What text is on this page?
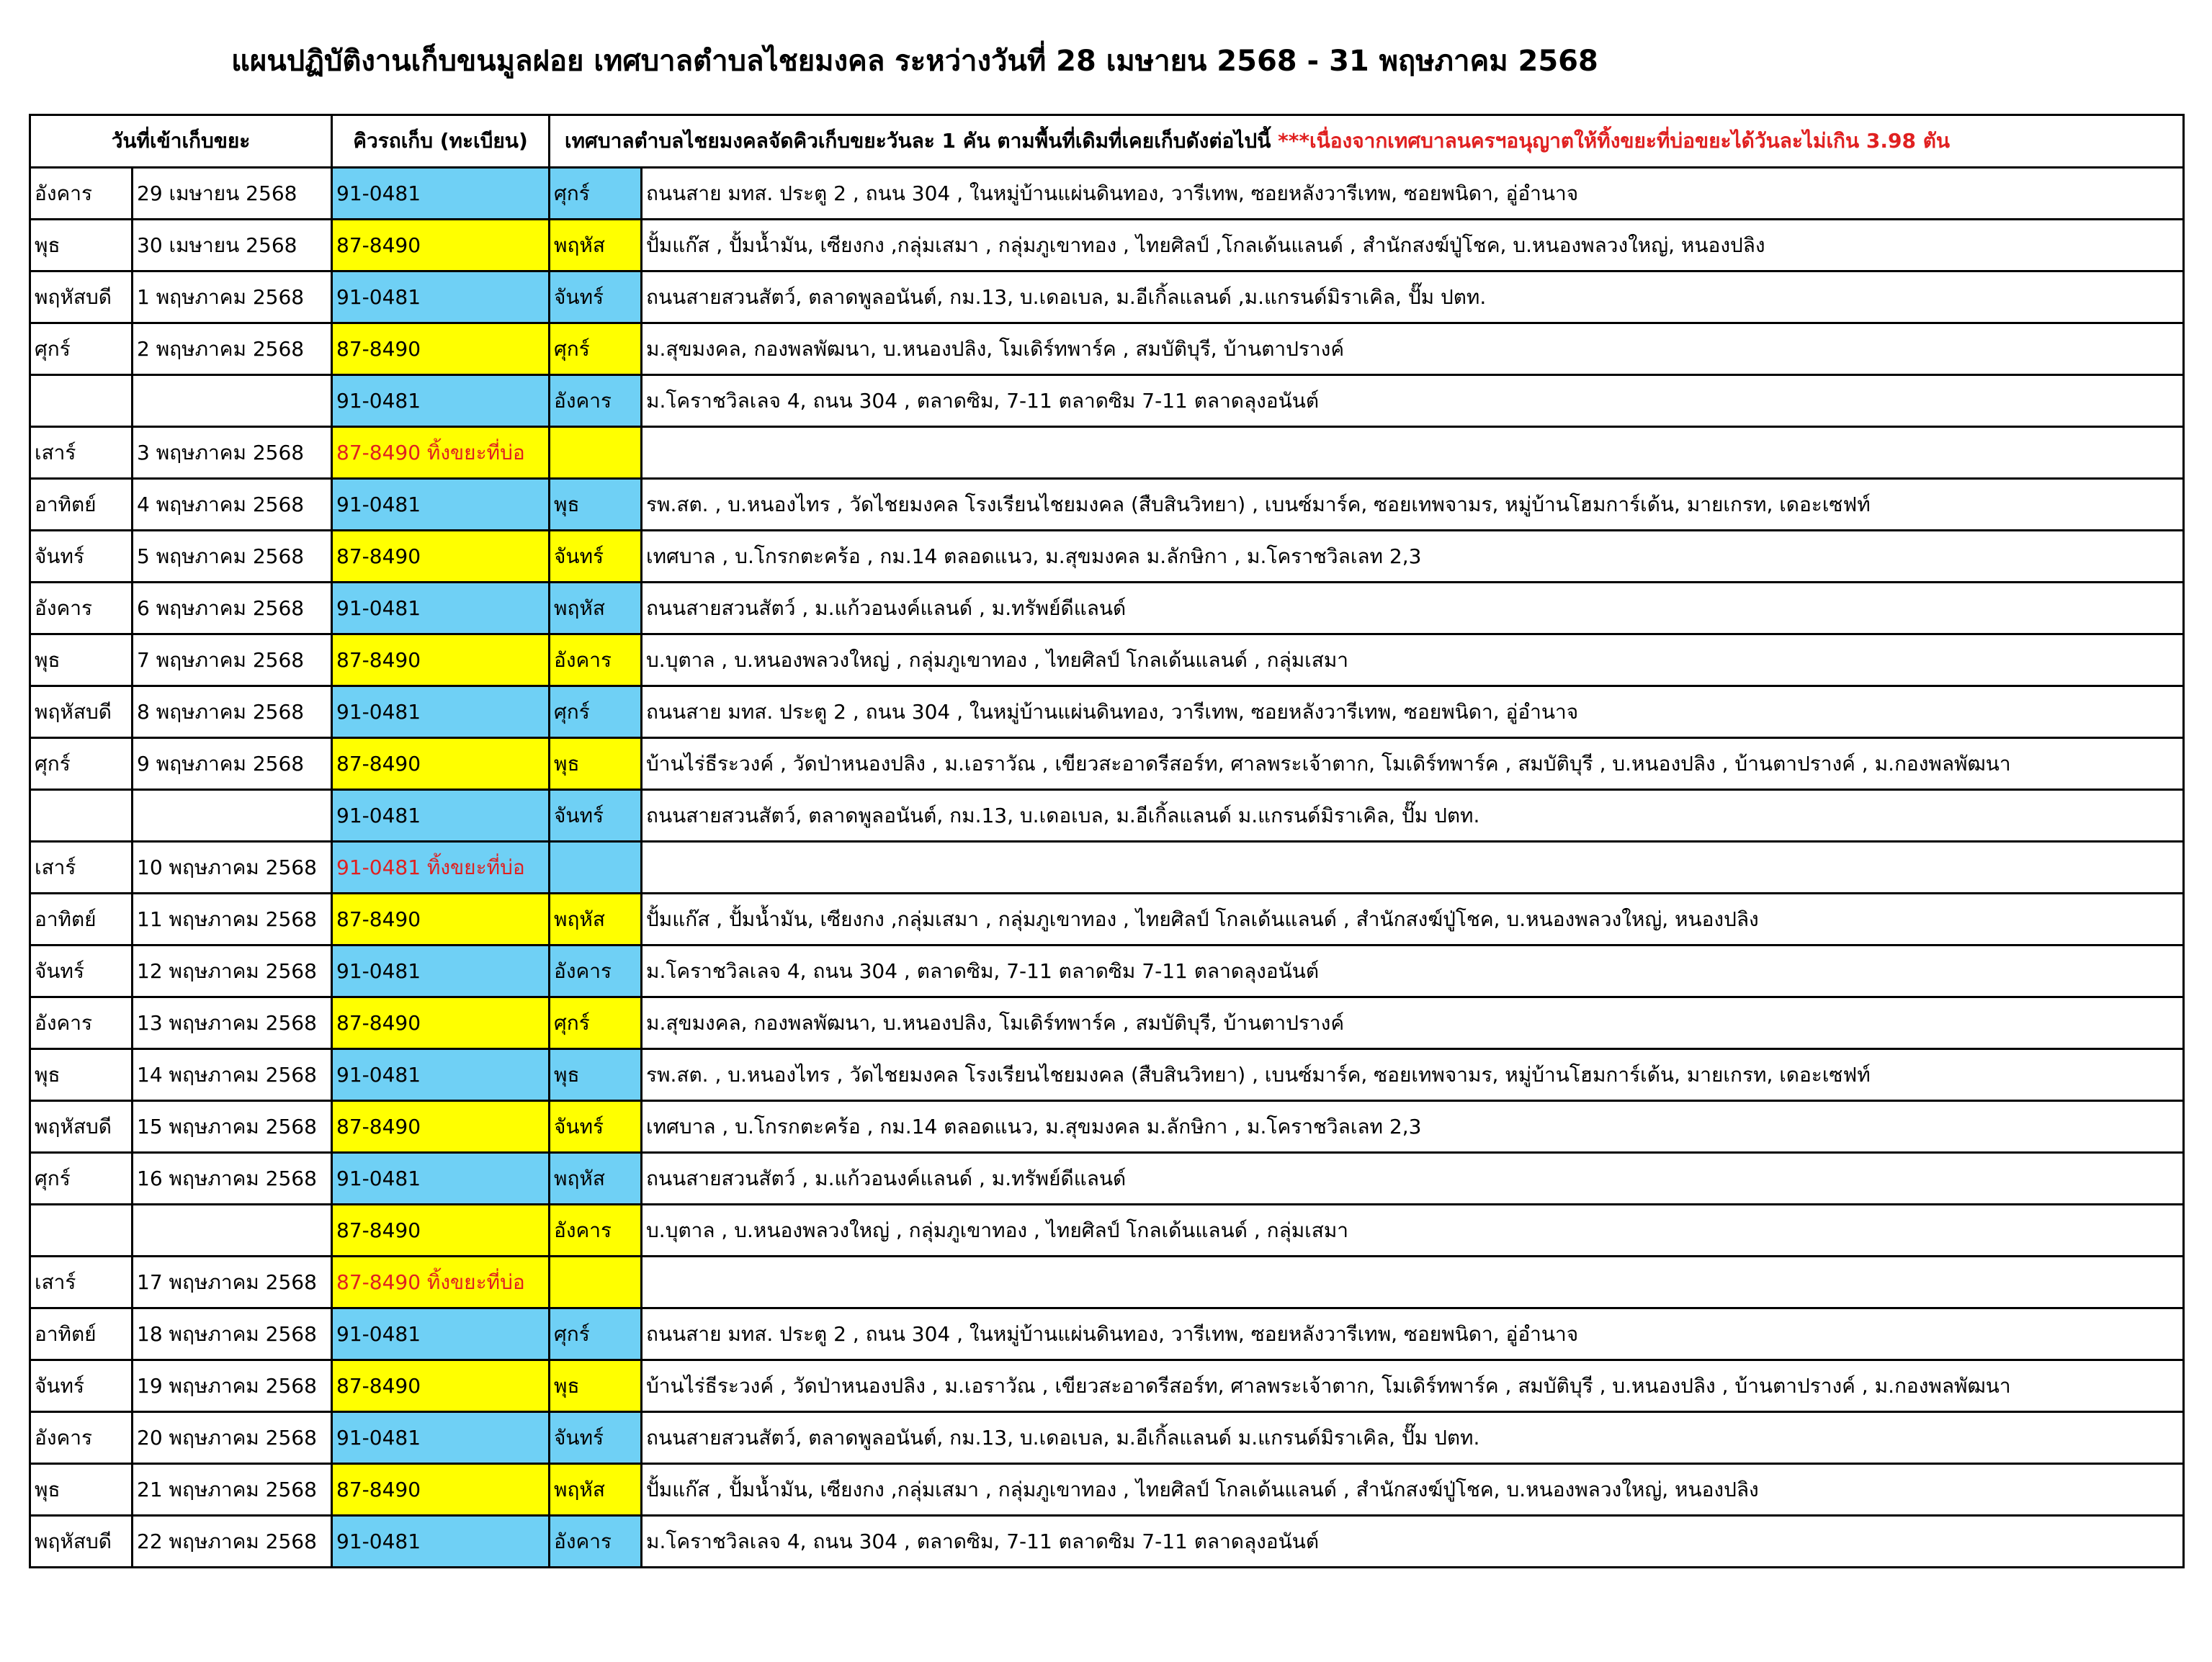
แผนปฏิบัติงานเก็บขนมูลฝอย เทศบาลตำบลไชยมงคล ระหว่างวันที่ 28 เมษายน 2568 - 31 พฤษภาคม 2568
วันที่เข้าเก็บขยะ		คิวรถเก็บ (ทะเบียน)	เทศบาลตำบลไชยมงคลจัดคิวเก็บขยะวันละ 1 คัน ตามพื้นที่เดิมที่เคยเก็บดังต่อไปนี้ ***เนื่องจากเทศบาลนครฯอนุญาตให้ทิ้งขยะที่บ่อขยะได้วันละไม่เกิน 3.98 ตัน	
อังคาร	29 เมษายน 2568	91-0481	ศุกร์	ถนนสาย มทส. ประตู 2 , ถนน 304 , ในหมู่บ้านแผ่นดินทอง, วารีเทพ, ซอยหลังวารีเทพ, ซอยพนิดา, อู่อำนาจ
พุธ	30 เมษายน 2568	87-8490	พฤหัส	ปั้มแก๊ส , ปั้มน้ำมัน, เซียงกง ,กลุ่มเสมา , กลุ่มภูเขาทอง , ไทยศิลป์ ,โกลเด้นแลนด์ , สำนักสงฆ์ปู่โชค, บ.หนองพลวงใหญ่, หนองปลิง
พฤหัสบดี	1 พฤษภาคม 2568	91-0481	จันทร์	ถนนสายสวนสัตว์, ตลาดพูลอนันต์, กม.13, บ.เดอเบล, ม.อีเกิ้ลแลนด์ ,ม.แกรนด์มิราเคิล, ปั๊ม ปตท.
ศุกร์	2 พฤษภาคม 2568	87-8490	ศุกร์	ม.สุขมงคล, กองพลพัฒนา, บ.หนองปลิง, โมเดิร์ทพาร์ค , สมบัติบุรี, บ้านตาปรางค์
		91-0481	อังคาร	ม.โคราชวิลเลจ 4, ถนน 304 , ตลาดซิม, 7-11 ตลาดซิม 7-11 ตลาดลุงอนันต์
เสาร์	3 พฤษภาคม 2568	87-8490 ทิ้งขยะที่บ่อ		
อาทิตย์	4 พฤษภาคม 2568	91-0481	พุธ	รพ.สต. , บ.หนองไทร , วัดไชยมงคล โรงเรียนไชยมงคล (สืบสินวิทยา) , เบนซ์มาร์ค, ซอยเทพจามร, หมู่บ้านโฮมการ์เด้น, มายเกรท, เดอะเซฟท์
จันทร์	5 พฤษภาคม 2568	87-8490	จันทร์	เทศบาล , บ.โกรกตะคร้อ , กม.14 ตลอดแนว, ม.สุขมงคล ม.ลักษิกา , ม.โคราชวิลเลท 2,3
อังคาร	6 พฤษภาคม 2568	91-0481	พฤหัส	ถนนสายสวนสัตว์ , ม.แก้วอนงค์แลนด์ , ม.ทรัพย์ดีแลนด์
พุธ	7 พฤษภาคม 2568	87-8490	อังคาร	บ.บุตาล , บ.หนองพลวงใหญ่ , กลุ่มภูเขาทอง , ไทยศิลป์ โกลเด้นแลนด์ , กลุ่มเสมา
พฤหัสบดี	8 พฤษภาคม 2568	91-0481	ศุกร์	ถนนสาย มทส. ประตู 2 , ถนน 304 , ในหมู่บ้านแผ่นดินทอง, วารีเทพ, ซอยหลังวารีเทพ, ซอยพนิดา, อู่อำนาจ
ศุกร์	9 พฤษภาคม 2568	87-8490	พุธ	บ้านไร่ธีระวงค์ , วัดป่าหนองปลิง , ม.เอราวัณ , เขียวสะอาดรีสอร์ท, ศาลพระเจ้าตาก, โมเดิร์ทพาร์ค , สมบัติบุรี , บ.หนองปลิง , บ้านตาปรางค์ , ม.กองพลพัฒนา
		91-0481	จันทร์	ถนนสายสวนสัตว์, ตลาดพูลอนันต์, กม.13, บ.เดอเบล, ม.อีเกิ้ลแลนด์ ม.แกรนด์มิราเคิล, ปั๊ม ปตท.
เสาร์	10 พฤษภาคม 2568	91-0481 ทิ้งขยะที่บ่อ		
อาทิตย์	11 พฤษภาคม 2568	87-8490	พฤหัส	ปั้มแก๊ส , ปั้มน้ำมัน, เซียงกง ,กลุ่มเสมา , กลุ่มภูเขาทอง , ไทยศิลป์ โกลเด้นแลนด์ , สำนักสงฆ์ปู่โชค, บ.หนองพลวงใหญ่, หนองปลิง
จันทร์	12 พฤษภาคม 2568	91-0481	อังคาร	ม.โคราชวิลเลจ 4, ถนน 304 , ตลาดซิม, 7-11 ตลาดซิม 7-11 ตลาดลุงอนันต์
อังคาร	13 พฤษภาคม 2568	87-8490	ศุกร์	ม.สุขมงคล, กองพลพัฒนา, บ.หนองปลิง, โมเดิร์ทพาร์ค , สมบัติบุรี, บ้านตาปรางค์
พุธ	14 พฤษภาคม 2568	91-0481	พุธ	รพ.สต. , บ.หนองไทร , วัดไชยมงคล โรงเรียนไชยมงคล (สืบสินวิทยา) , เบนซ์มาร์ค, ซอยเทพจามร, หมู่บ้านโฮมการ์เด้น, มายเกรท, เดอะเซฟท์
พฤหัสบดี	15 พฤษภาคม 2568	87-8490	จันทร์	เทศบาล , บ.โกรกตะคร้อ , กม.14 ตลอดแนว, ม.สุขมงคล ม.ลักษิกา , ม.โคราชวิลเลท 2,3
ศุกร์	16 พฤษภาคม 2568	91-0481	พฤหัส	ถนนสายสวนสัตว์ , ม.แก้วอนงค์แลนด์ , ม.ทรัพย์ดีแลนด์
		87-8490	อังคาร	บ.บุตาล , บ.หนองพลวงใหญ่ , กลุ่มภูเขาทอง , ไทยศิลป์ โกลเด้นแลนด์ , กลุ่มเสมา
เสาร์	17 พฤษภาคม 2568	87-8490 ทิ้งขยะที่บ่อ		
อาทิตย์	18 พฤษภาคม 2568	91-0481	ศุกร์	ถนนสาย มทส. ประตู 2 , ถนน 304 , ในหมู่บ้านแผ่นดินทอง, วารีเทพ, ซอยหลังวารีเทพ, ซอยพนิดา, อู่อำนาจ
จันทร์	19 พฤษภาคม 2568	87-8490	พุธ	บ้านไร่ธีระวงค์ , วัดป่าหนองปลิง , ม.เอราวัณ , เขียวสะอาดรีสอร์ท, ศาลพระเจ้าตาก, โมเดิร์ทพาร์ค , สมบัติบุรี , บ.หนองปลิง , บ้านตาปรางค์ , ม.กองพลพัฒนา
อังคาร	20 พฤษภาคม 2568	91-0481	จันทร์	ถนนสายสวนสัตว์, ตลาดพูลอนันต์, กม.13, บ.เดอเบล, ม.อีเกิ้ลแลนด์ ม.แกรนด์มิราเคิล, ปั๊ม ปตท.
พุธ	21 พฤษภาคม 2568	87-8490	พฤหัส	ปั้มแก๊ส , ปั้มน้ำมัน, เซียงกง ,กลุ่มเสมา , กลุ่มภูเขาทอง , ไทยศิลป์ โกลเด้นแลนด์ , สำนักสงฆ์ปู่โชค, บ.หนองพลวงใหญ่, หนองปลิง
พฤหัสบดี	22 พฤษภาคม 2568	91-0481	อังคาร	ม.โคราชวิลเลจ 4, ถนน 304 , ตลาดซิม, 7-11 ตลาดซิม 7-11 ตลาดลุงอนันต์
